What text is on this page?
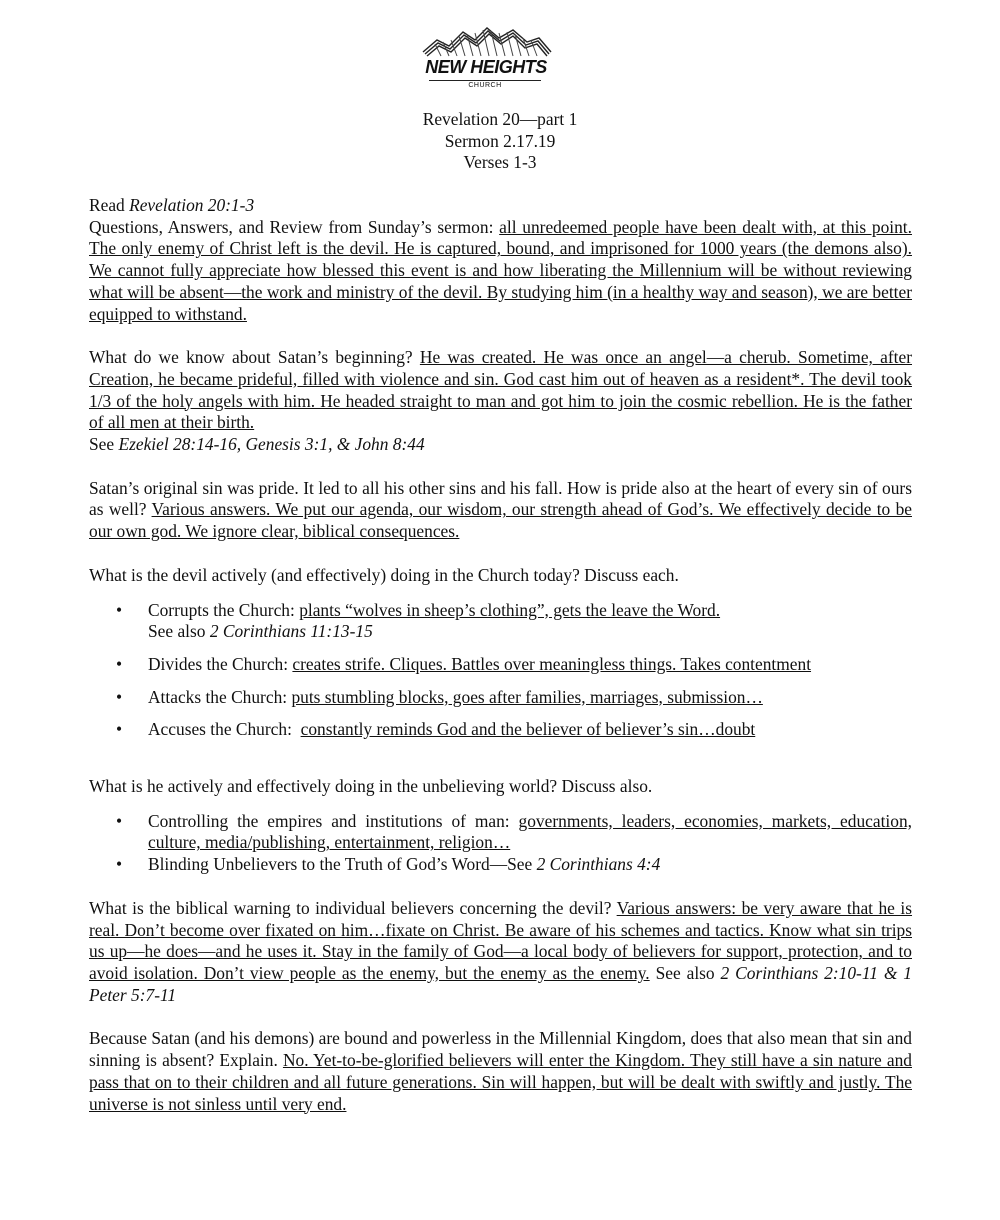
NEW HEIGHTS
CHURCH
Revelation 20—part 1
Sermon 2.17.19
Verses 1-3

Read Revelation 20:1-3

Questions, Answers, and Review from Sunday’s sermon: all unredeemed people have been dealt with, at this point. The only enemy of Christ left is the devil. He is captured, bound, and imprisoned for 1000 years (the demons also). We cannot fully appreciate how blessed this event is and how liberating the Millennium will be without reviewing what will be absent—the work and ministry of the devil. By studying him (in a healthy way and season), we are better equipped to withstand.

What do we know about Satan’s beginning? He was created. He was once an angel—a cherub. Sometime, after Creation, he became prideful, filled with violence and sin. God cast him out of heaven as a resident*. The devil took 1/3 of the holy angels with him. He headed straight to man and got him to join the cosmic rebellion. He is the father of all men at their birth.

See Ezekiel 28:14-16, Genesis 3:1, & John 8:44

Satan’s original sin was pride. It led to all his other sins and his fall. How is pride also at the heart of every sin of ours as well? Various answers. We put our agenda, our wisdom, our strength ahead of God’s. We effectively decide to be our own god. We ignore clear, biblical consequences.

What is the devil actively (and effectively) doing in the Church today? Discuss each.

• Corrupts the Church: plants “wolves in sheep’s clothing”, gets the leave the Word.
See also 2 Corinthians 11:13-15
• Divides the Church: creates strife. Cliques. Battles over meaningless things. Takes contentment
• Attacks the Church: puts stumbling blocks, goes after families, marriages, submission…
• Accuses the Church:  constantly reminds God and the believer of believer’s sin…doubt

What is he actively and effectively doing in the unbelieving world? Discuss also.

• Controlling the empires and institutions of man: governments, leaders, economies, markets, education, culture, media/publishing, entertainment, religion…
• Blinding Unbelievers to the Truth of God’s Word—See 2 Corinthians 4:4

What is the biblical warning to individual believers concerning the devil? Various answers: be very aware that he is real. Don’t become over fixated on him…fixate on Christ. Be aware of his schemes and tactics. Know what sin trips us up—he does—and he uses it. Stay in the family of God—a local body of believers for support, protection, and to avoid isolation. Don’t view people as the enemy, but the enemy as the enemy. See also 2 Corinthians 2:10-11 & 1 Peter 5:7-11

Because Satan (and his demons) are bound and powerless in the Millennial Kingdom, does that also mean that sin and sinning is absent? Explain. No. Yet-to-be-glorified believers will enter the Kingdom. They still have a sin nature and pass that on to their children and all future generations. Sin will happen, but will be dealt with swiftly and justly. The universe is not sinless until very end.
